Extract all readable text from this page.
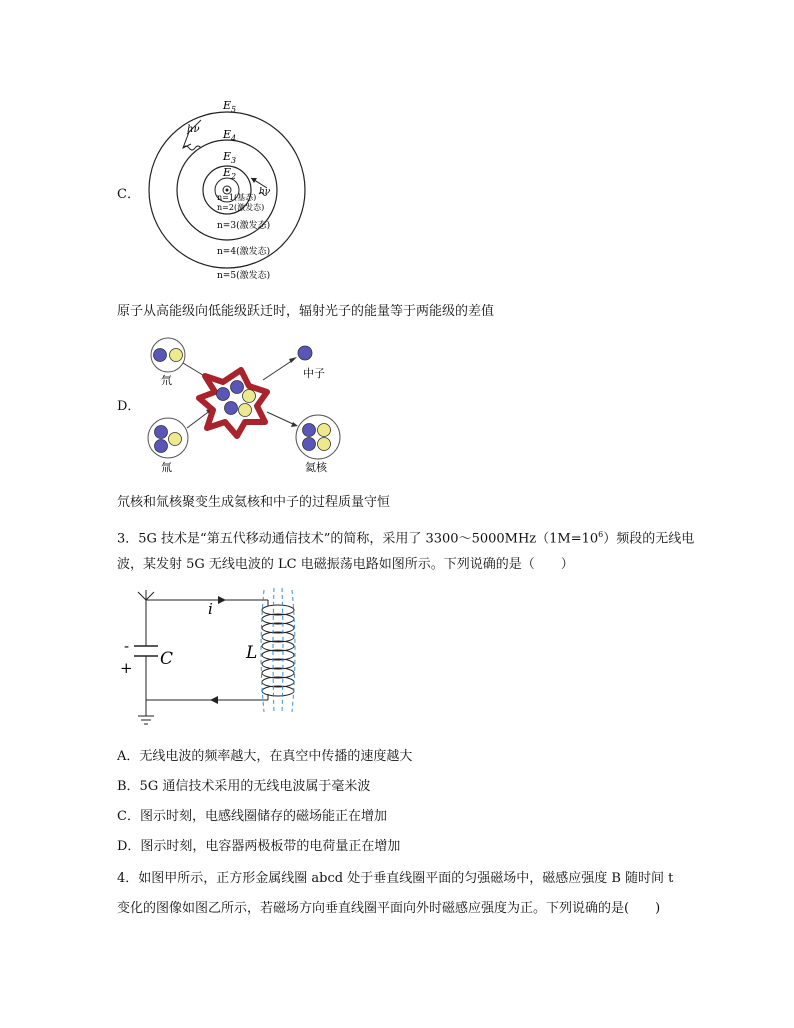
C．
$E_5$
$E_4$
$E_3$
$E_2$
hν
hν
n=1(基态)
n=2(激发态)
n=3(激发态)
n=4(激发态)
n=5(激发态)
原子从高能级向低能级跃迁时，辐射光子的能量等于两能级的差值
D．
氘
氚
中子
氦核
氘核和氚核聚变生成氦核和中子的过程质量守恒
3．5G 技术是“第五代移动通信技术”的简称，采用了 $3300\sim 5000MHz(1M=10^6)$频段的无线电
波，某发射 5G 无线电波的 LC 电磁振荡电路如图所示。下列说确的是（　　）
i
-
+ C	L
A．无线电波的频率越大，在真空中传播的速度越大
B．5G 通信技术采用的无线电波属于毫米波
C．图示时刻，电感线圈储存的磁场能正在增加
D．图示时刻，电容器两极板带的电荷量正在增加
4．如图甲所示，正方形金属线圈 abcd 处于垂直线圈平面的匀强磁场中，磁感应强度 B 随时间 t
变化的图像如图乙所示，若磁场方向垂直线圈平面向外时磁感应强度为正。下列说确的是(　　)
